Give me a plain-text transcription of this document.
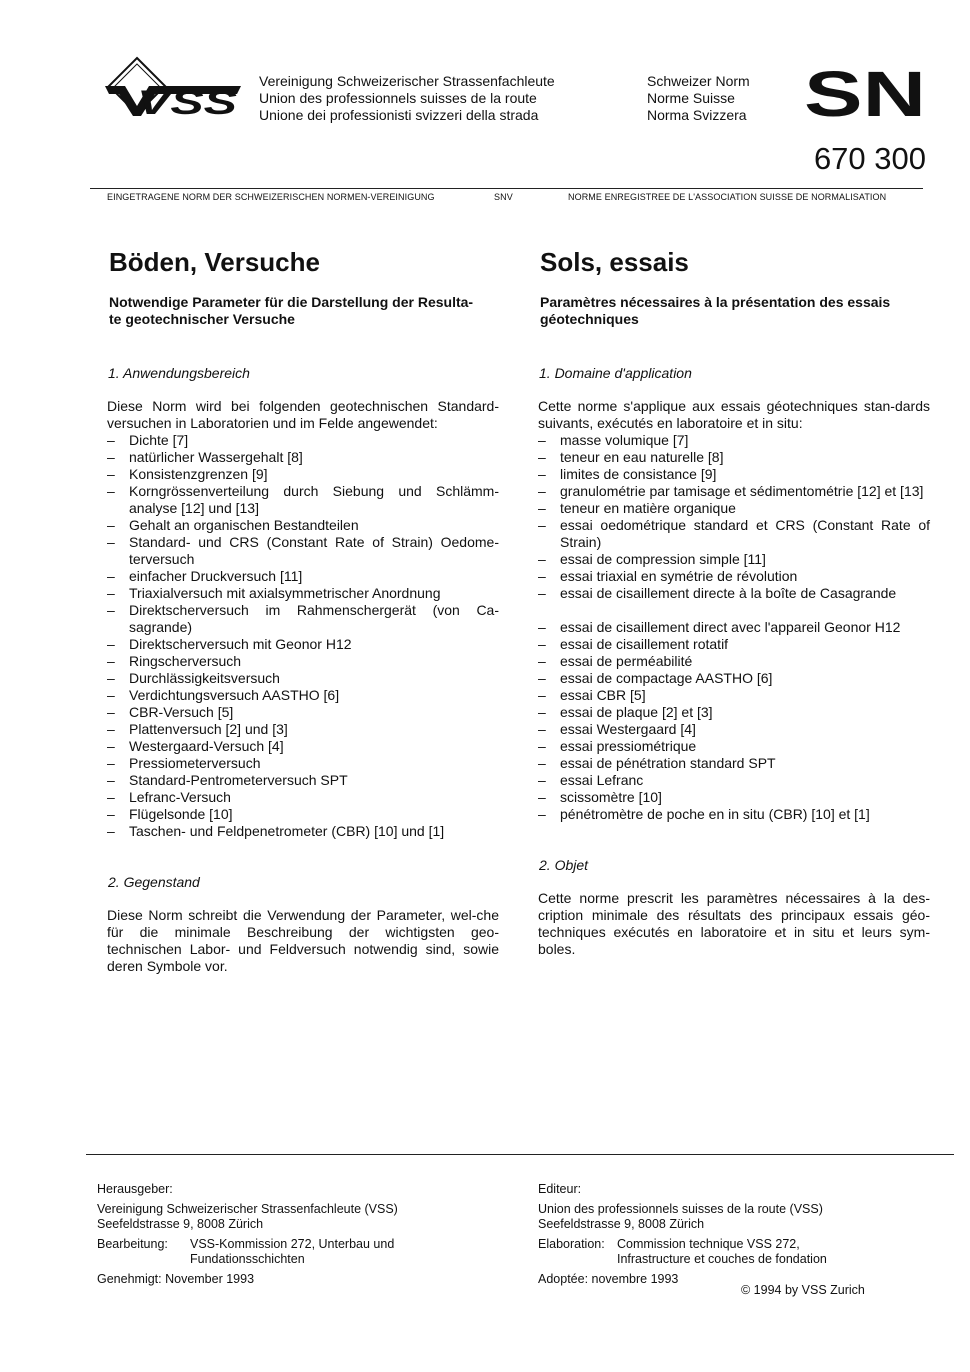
VSS
Vereinigung Schweizerischer Strassenfachleute
Union des professionnels suisses de la route
Unione dei professionisti svizzeri della strada
Schweizer Norm
Norme Suisse
Norma Svizzera SN
670 300
EINGETRAGENE NORM DER SCHWEIZERISCHEN NORMEN-VEREINIGUNG	SNV	NORME ENREGISTREE DE L'ASSOCIATION SUISSE DE NORMALISATION
Böden, Versuche
Notwendige Parameter für die Darstellung der Resulta-
te geotechnischer Versuche
1. Anwendungsbereich

Diese Norm wird bei folgenden geotechnischen Standard-versuchen in Laboratorien und im Felde angewendet:

– Dichte [7]
– natürlicher Wassergehalt [8]
– Konsistenzgrenzen [9]
– Korngrössenverteilung durch Siebung und Schlämm-analyse [12] und [13]
– Gehalt an organischen Bestandteilen
– Standard- und CRS (Constant Rate of Strain) Oedome-terversuch
– einfacher Druckversuch [11]
– Triaxialversuch mit axialsymmetrischer Anordnung
– Direktscherversuch im Rahmenschergerät (von Ca-sagrande)
– Direktscherversuch mit Geonor H12
– Ringscherversuch
– Durchlässigkeitsversuch
– Verdichtungsversuch AASTHO [6]
– CBR-Versuch [5]
– Plattenversuch [2] und [3]
– Westergaard-Versuch [4]
– Pressiometerversuch
– Standard-Pentrometerversuch SPT
– Lefranc-Versuch
– Flügelsonde [10]
– Taschen- und Feldpenetrometer (CBR) [10] und [1]
2. Gegenstand

Diese Norm schreibt die Verwendung der Parameter, wel-che für die minimale Beschreibung der wichtigsten geo-technischen Labor- und Feldversuch notwendig sind, sowie deren Symbole vor.

Sols, essais
Paramètres nécessaires à la présentation des essais
géotechniques
1. Domaine d'application

Cette norme s'applique aux essais géotechniques stan-dards suivants, exécutés en laboratoire et in situ:

– masse volumique [7]
– teneur en eau naturelle [8]
– limites de consistance [9]
– granulométrie par tamisage et sédimentométrie [12] et [13]
– teneur en matière organique
– essai oedométrique standard et CRS (Constant Rate of Strain)
– essai de compression simple [11]
– essai triaxial en symétrie de révolution
– essai de cisaillement directe à la boîte de Casagrande

– essai de cisaillement direct avec l'appareil Geonor H12
– essai de cisaillement rotatif
– essai de perméabilité
– essai de compactage AASTHO [6]
– essai CBR [5]
– essai de plaque [2] et [3]
– essai Westergaard [4]
– essai pressiométrique
– essai de pénétration standard SPT
– essai Lefranc
– scissomètre [10]
– pénétromètre de poche en in situ (CBR) [10] et [1]
2. Objet

Cette norme prescrit les paramètres nécessaires à la des-cription minimale des résultats des principaux essais géo-techniques exécutés en laboratoire et in situ et leurs sym-boles.

Herausgeber:
Vereinigung Schweizerischer Strassenfachleute (VSS)
Seefeldstrasse 9, 8008 Zürich
Bearbeitung: VSS-Kommission 272, Unterbau und
Fundationsschichten
Genehmigt: November 1993
Editeur:
Union des professionnels suisses de la route (VSS)
Seefeldstrasse 9, 8008 Zürich
Elaboration: Commission technique VSS 272,
Infrastructure et couches de fondation
Adoptée: novembre 1993
© 1994 by VSS Zurich
